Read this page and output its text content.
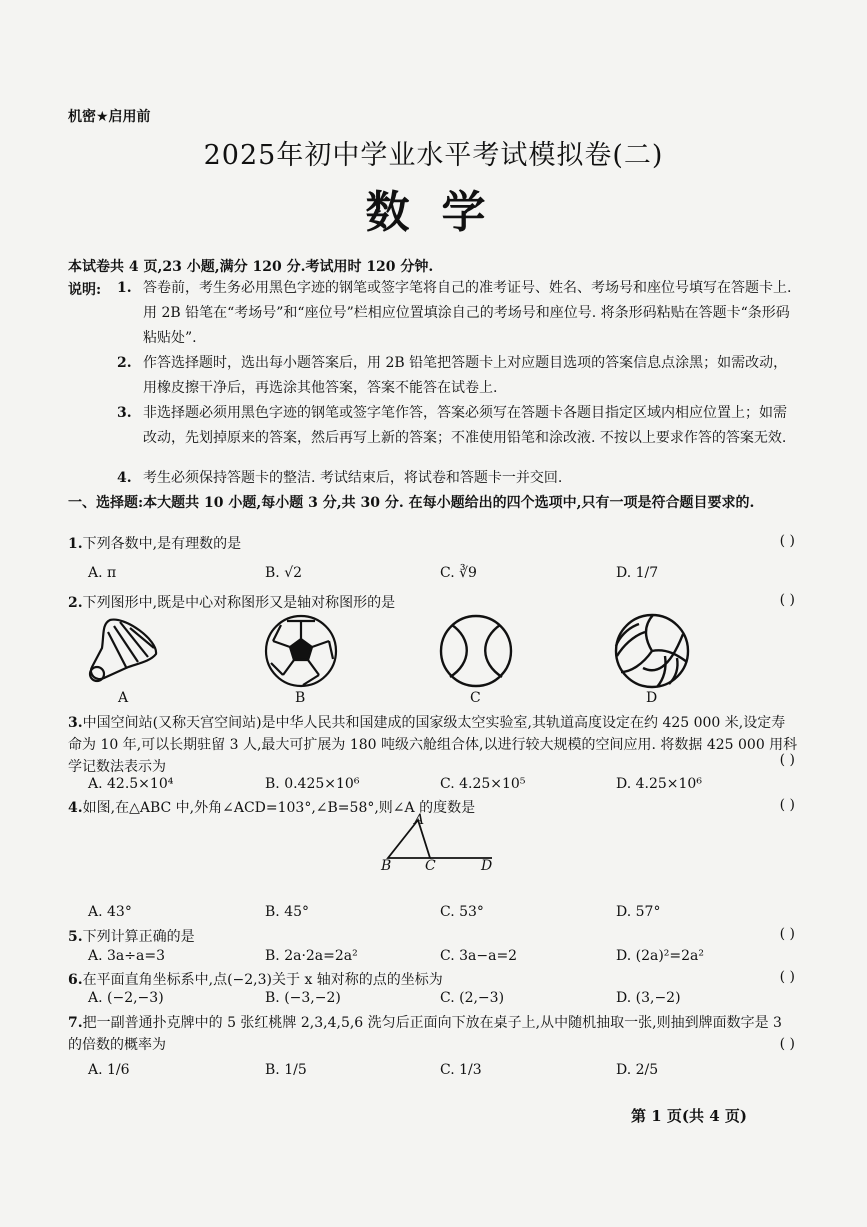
机密★启用前
2025年初中学业水平考试模拟卷(二)
数学
本试卷共 4 页,23 小题,满分 120 分.考试用时 120 分钟.
说明: 1. 答卷前，考生务必用黑色字迹的钢笔或签字笔将自己的准考证号、姓名、考场号和座位号填写在答题卡上. 用 2B 铅笔在“考场号”和“座位号”栏相应位置填涂自己的考场号和座位号. 将条形码粘贴在答题卡“条形码粘贴处”.
2. 作答选择题时，选出每小题答案后，用 2B 铅笔把答题卡上对应题目选项的答案信息点涂黑；如需改动，用橡皮擦干净后，再选涂其他答案，答案不能答在试卷上.
3. 非选择题必须用黑色字迹的钢笔或签字笔作答，答案必须写在答题卡各题目指定区域内相应位置上；如需改动，先划掉原来的答案，然后再写上新的答案；不准使用铅笔和涂改液. 不按以上要求作答的答案无效.
4. 考生必须保持答题卡的整洁. 考试结束后，将试卷和答题卡一并交回.
一、选择题:本大题共 10 小题,每小题 3 分,共 30 分. 在每小题给出的四个选项中,只有一项是符合题目要求的.
1.下列各数中,是有理数的是	( )
A. π	B. √2	C. ∛9	D. 1/7
2.下列图形中,既是中心对称图形又是轴对称图形的是	( )
A	B	C	D
3.中国空间站(又称天宫空间站)是中华人民共和国建成的国家级太空实验室,其轨道高度设定在约 425 000 米,设定寿命为 10 年,可以长期驻留 3 人,最大可扩展为 180 吨级六舱组合体,以进行较大规模的空间应用. 将数据 425 000 用科学记数法表示为	( )
A. 42.5×10⁴	B. 0.425×10⁶	C. 4.25×10⁵	D. 4.25×10⁶
4.如图,在△ABC 中,外角∠ACD=103°,∠B=58°,则∠A 的度数是	( )
A
B C	D
A. 43°	B. 45°	C. 53°	D. 57°
5.下列计算正确的是	( )
A. 3a÷a=3	B. 2a·2a=2a²	C. 3a−a=2	D. (2a)²=2a²
6.在平面直角坐标系中,点(−2,3)关于 x 轴对称的点的坐标为	( )
A. (−2,−3)	B. (−3,−2)	C. (2,−3)	D. (3,−2)
7.把一副普通扑克牌中的 5 张红桃牌 2,3,4,5,6 洗匀后正面向下放在桌子上,从中随机抽取一张,则抽到牌面数字是 3 的倍数的概率为	( )
A. 1/6	B. 1/5	C. 1/3	D. 2/5
第 1 页(共 4 页)
